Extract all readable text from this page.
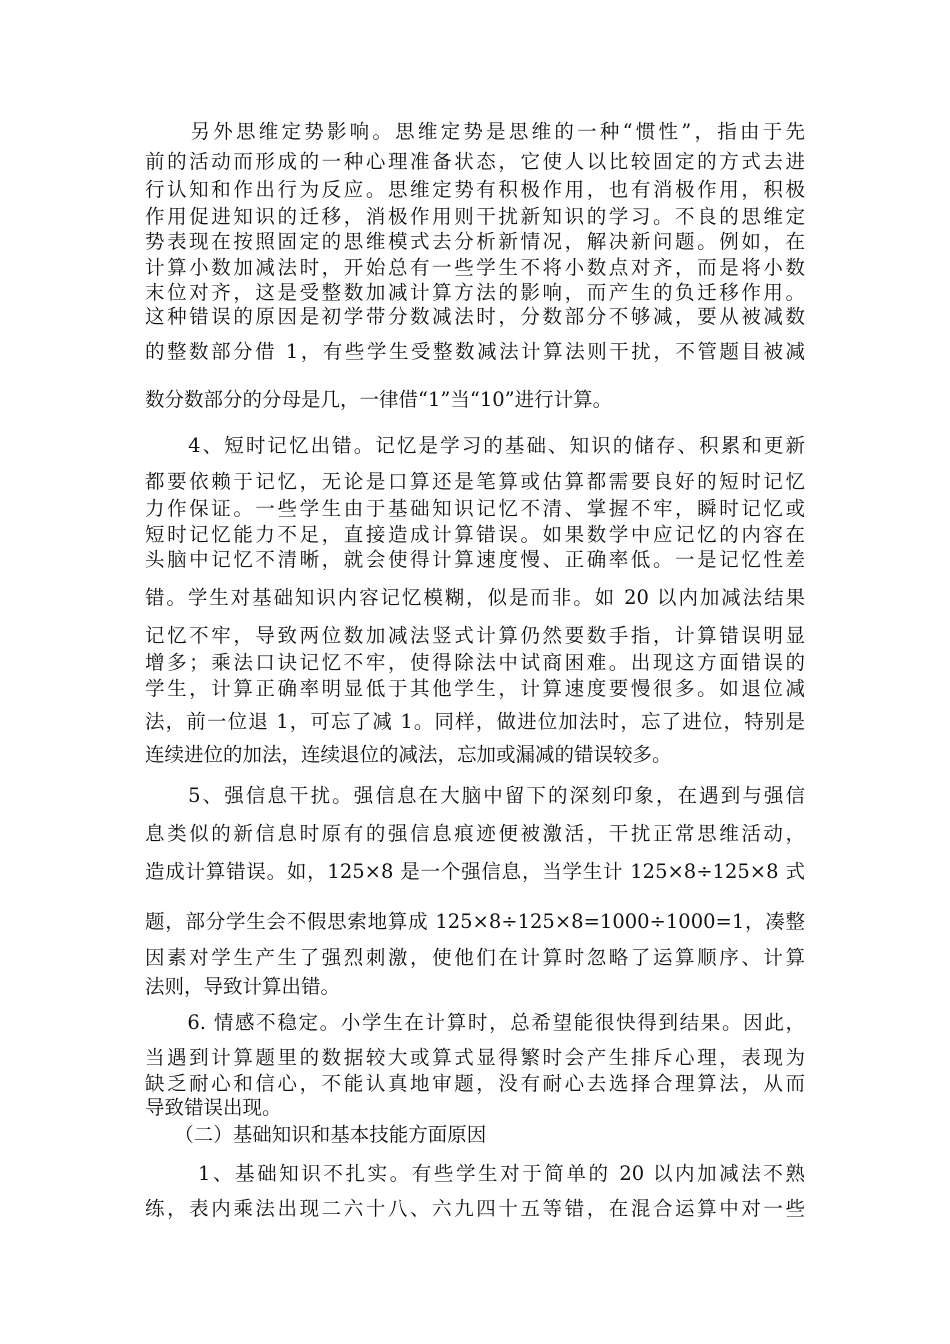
　　另外思维定势影响。思维定势是思维的一种“惯性”，指由于先
前的活动而形成的一种心理准备状态，它使人以比较固定的方式去进
行认知和作出行为反应。思维定势有积极作用，也有消极作用，积极
作用促进知识的迁移，消极作用则干扰新知识的学习。不良的思维定
势表现在按照固定的思维模式去分析新情况，解决新问题。例如，在
计算小数加减法时，开始总有一些学生不将小数点对齐，而是将小数
末位对齐，这是受整数加减计算方法的影响，而产生的负迁移作用。
这种错误的原因是初学带分数减法时，分数部分不够减，要从被减数
的整数部分借 1，有些学生受整数减法计算法则干扰，不管题目被减
数分数部分的分母是几，一律借“1”当“10”进行计算。
　　4、短时记忆出错。记忆是学习的基础、知识的储存、积累和更新
都要依赖于记忆，无论是口算还是笔算或估算都需要良好的短时记忆
力作保证。一些学生由于基础知识记忆不清、掌握不牢，瞬时记忆或
短时记忆能力不足，直接造成计算错误。如果数学中应记忆的内容在
头脑中记忆不清晰，就会使得计算速度慢、正确率低。一是记忆性差
错。学生对基础知识内容记忆模糊，似是而非。如 20 以内加减法结果
记忆不牢，导致两位数加减法竖式计算仍然要数手指，计算错误明显
增多；乘法口诀记忆不牢，使得除法中试商困难。出现这方面错误的
学生，计算正确率明显低于其他学生，计算速度要慢很多。如退位减
法，前一位退 1，可忘了减 1。同样，做进位加法时，忘了进位，特别是
连续进位的加法，连续退位的减法，忘加或漏减的错误较多。
　　5、强信息干扰。强信息在大脑中留下的深刻印象，在遇到与强信
息类似的新信息时原有的强信息痕迹便被激活，干扰正常思维活动，
造成计算错误。如，125×8 是一个强信息，当学生计 125×8÷125×8 式
题，部分学生会不假思索地算成 125×8÷125×8=1000÷1000=1，凑整
因素对学生产生了强烈刺激，使他们在计算时忽略了运算顺序、计算
法则，导致计算出错。
　　6. 情感不稳定。小学生在计算时，总希望能很快得到结果。因此，
当遇到计算题里的数据较大或算式显得繁时会产生排斥心理，表现为
缺乏耐心和信心，不能认真地审题，没有耐心去选择合理算法，从而
导致错误出现。
　　（二）基础知识和基本技能方面原因
　　 1、基础知识不扎实。有些学生对于简单的 20 以内加减法不熟
练，表内乘法出现二六十八、六九四十五等错，在混合运算中对一些
